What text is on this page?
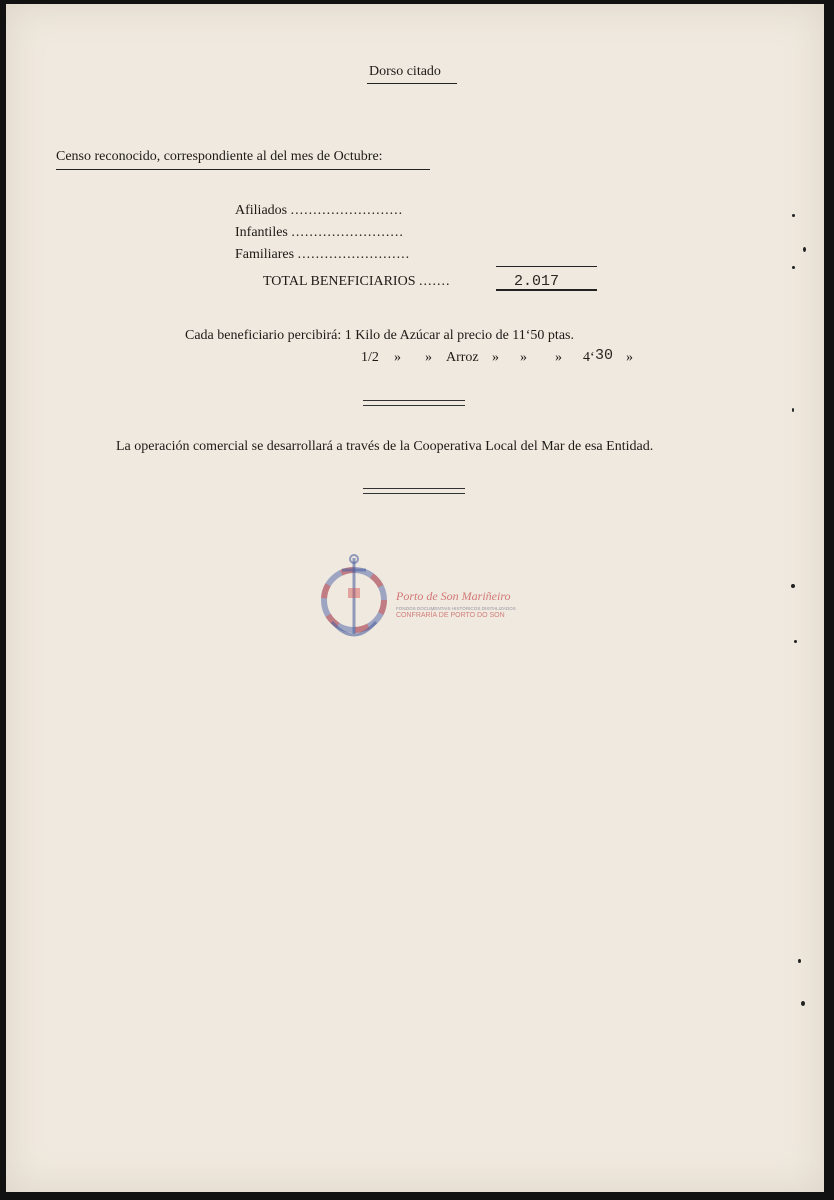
Dorso citado
Censo reconocido, correspondiente al del mes de Octubre:
Afiliados .........................
Infantiles .........................
Familiares .........................
TOTAL BENEFICIARIOS .......	2.017
Cada beneficiario percibirá: 1 Kilo de Azúcar al precio de 11‘50 ptas.
1/2 » » Arroz » » » 4‘ 30 »
La operación comercial se desarrollará a través de la Cooperativa Local del Mar de esa Entidad.
Porto de Son Mariñeiro
FONDOS DOCUMENTAIS HISTÓRICOS DIXITALIZADOS
CONFRARÍA DE PORTO DO SON
